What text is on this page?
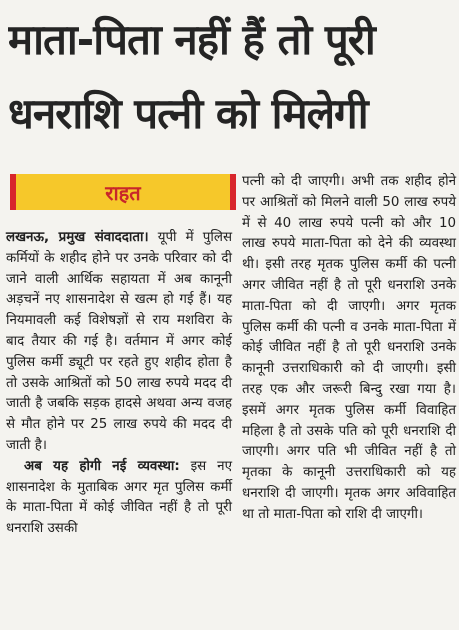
माता-पिता नहीं हैं तो पूरी
धनराशि पत्नी को मिलेगी
राहत

लखनऊ, प्रमुख संवाददाता। यूपी में पुलिस कर्मियों के शहीद होने पर उनके परिवार को दी जाने वाली आर्थिक सहायता में अब कानूनी अड़चनें नए शासनादेश से खत्म हो गई हैं। यह नियमावली कई विशेषज्ञों से राय मशविरा के बाद तैयार की गई है। वर्तमान में अगर कोई पुलिस कर्मी ड्यूटी पर रहते हुए शहीद होता है तो उसके आश्रितों को 50 लाख रुपये मदद दी जाती है जबकि सड़क हादसे अथवा अन्य वजह से मौत होने पर 25 लाख रुपये की मदद दी जाती है।

अब यह होगी नई व्यवस्था: इस नए शासनादेश के मुताबिक अगर मृत पुलिस कर्मी के माता-पिता में कोई जीवित नहीं है तो पूरी धनराशि उसकी

पत्नी को दी जाएगी। अभी तक शहीद होने पर आश्रितों को मिलने वाली 50 लाख रुपये में से 40 लाख रुपये पत्नी को और 10 लाख रुपये माता-पिता को देने की व्यवस्था थी। इसी तरह मृतक पुलिस कर्मी की पत्नी अगर जीवित नहीं है तो पूरी धनराशि उनके माता-पिता को दी जाएगी। अगर मृतक पुलिस कर्मी की पत्नी व उनके माता-पिता में कोई जीवित नहीं है तो पूरी धनराशि उनके कानूनी उत्तराधिकारी को दी जाएगी। इसी तरह एक और जरूरी बिन्दु रखा गया है। इसमें अगर मृतक पुलिस कर्मी विवाहित महिला है तो उसके पति को पूरी धनराशि दी जाएगी। अगर पति भी जीवित नहीं है तो मृतका के कानूनी उत्तराधिकारी को यह धनराशि दी जाएगी। मृतक अगर अविवाहित था तो माता-पिता को राशि दी जाएगी।
